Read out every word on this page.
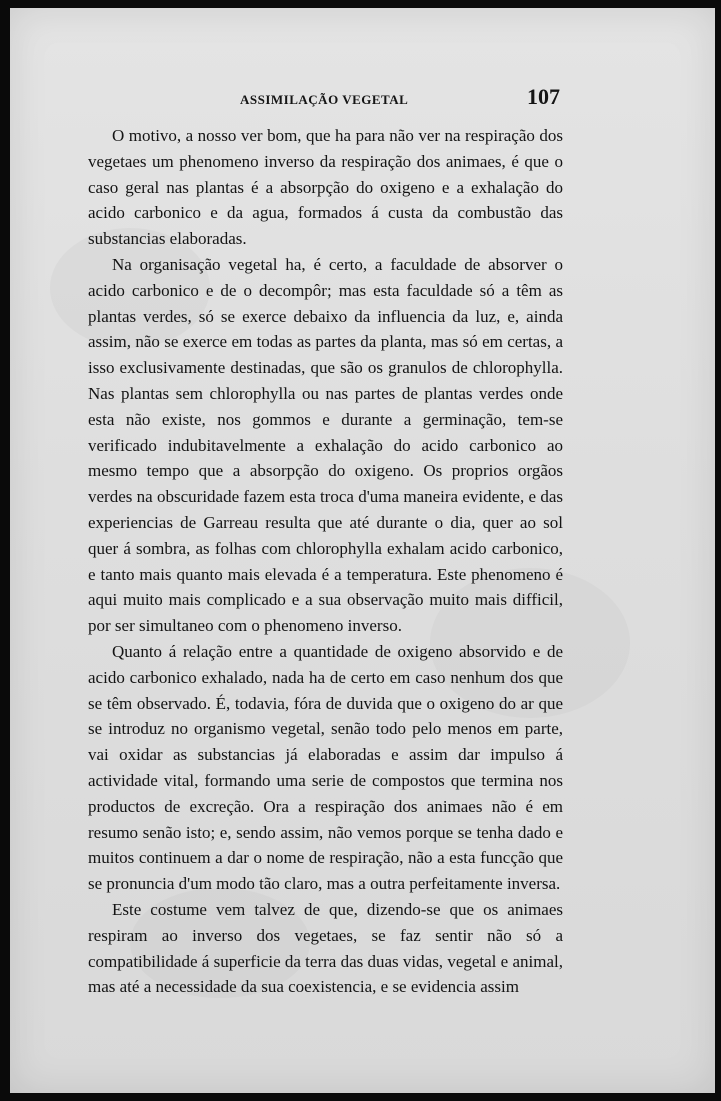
ASSIMILAÇÃO VEGETAL	107

O motivo, a nosso ver bom, que ha para não ver na respiração dos vegetaes um phenomeno inverso da respiração dos animaes, é que o caso geral nas plantas é a absorpção do oxigeno e a exhalação do acido carbonico e da agua, formados á custa da combustão das substancias elaboradas.

Na organisação vegetal ha, é certo, a faculdade de absorver o acido carbonico e de o decompôr; mas esta faculdade só a têm as plantas verdes, só se exerce debaixo da influencia da luz, e, ainda assim, não se exerce em todas as partes da planta, mas só em certas, a isso exclusivamente destinadas, que são os granulos de chlorophylla. Nas plantas sem chlorophylla ou nas partes de plantas verdes onde esta não existe, nos gommos e durante a germinação, tem-se verificado indubitavelmente a exhalação do acido carbonico ao mesmo tempo que a absorpção do oxigeno. Os proprios orgãos verdes na obscuridade fazem esta troca d'uma maneira evidente, e das experiencias de Garreau resulta que até durante o dia, quer ao sol quer á sombra, as folhas com chlorophylla exhalam acido carbonico, e tanto mais quanto mais elevada é a temperatura. Este phenomeno é aqui muito mais complicado e a sua observação muito mais difficil, por ser simultaneo com o phenomeno inverso.

Quanto á relação entre a quantidade de oxigeno absorvido e de acido carbonico exhalado, nada ha de certo em caso nenhum dos que se têm observado. É, todavia, fóra de duvida que o oxigeno do ar que se introduz no organismo vegetal, senão todo pelo menos em parte, vai oxidar as substancias já elaboradas e assim dar impulso á actividade vital, formando uma serie de compostos que termina nos productos de excreção. Ora a respiração dos animaes não é em resumo senão isto; e, sendo assim, não vemos porque se tenha dado e muitos continuem a dar o nome de respiração, não a esta funcção que se pronuncia d'um modo tão claro, mas a outra perfeitamente inversa.

Este costume vem talvez de que, dizendo-se que os animaes respiram ao inverso dos vegetaes, se faz sentir não só a compatibilidade á superficie da terra das duas vidas, vegetal e animal, mas até a necessidade da sua coexistencia, e se evidencia assim
